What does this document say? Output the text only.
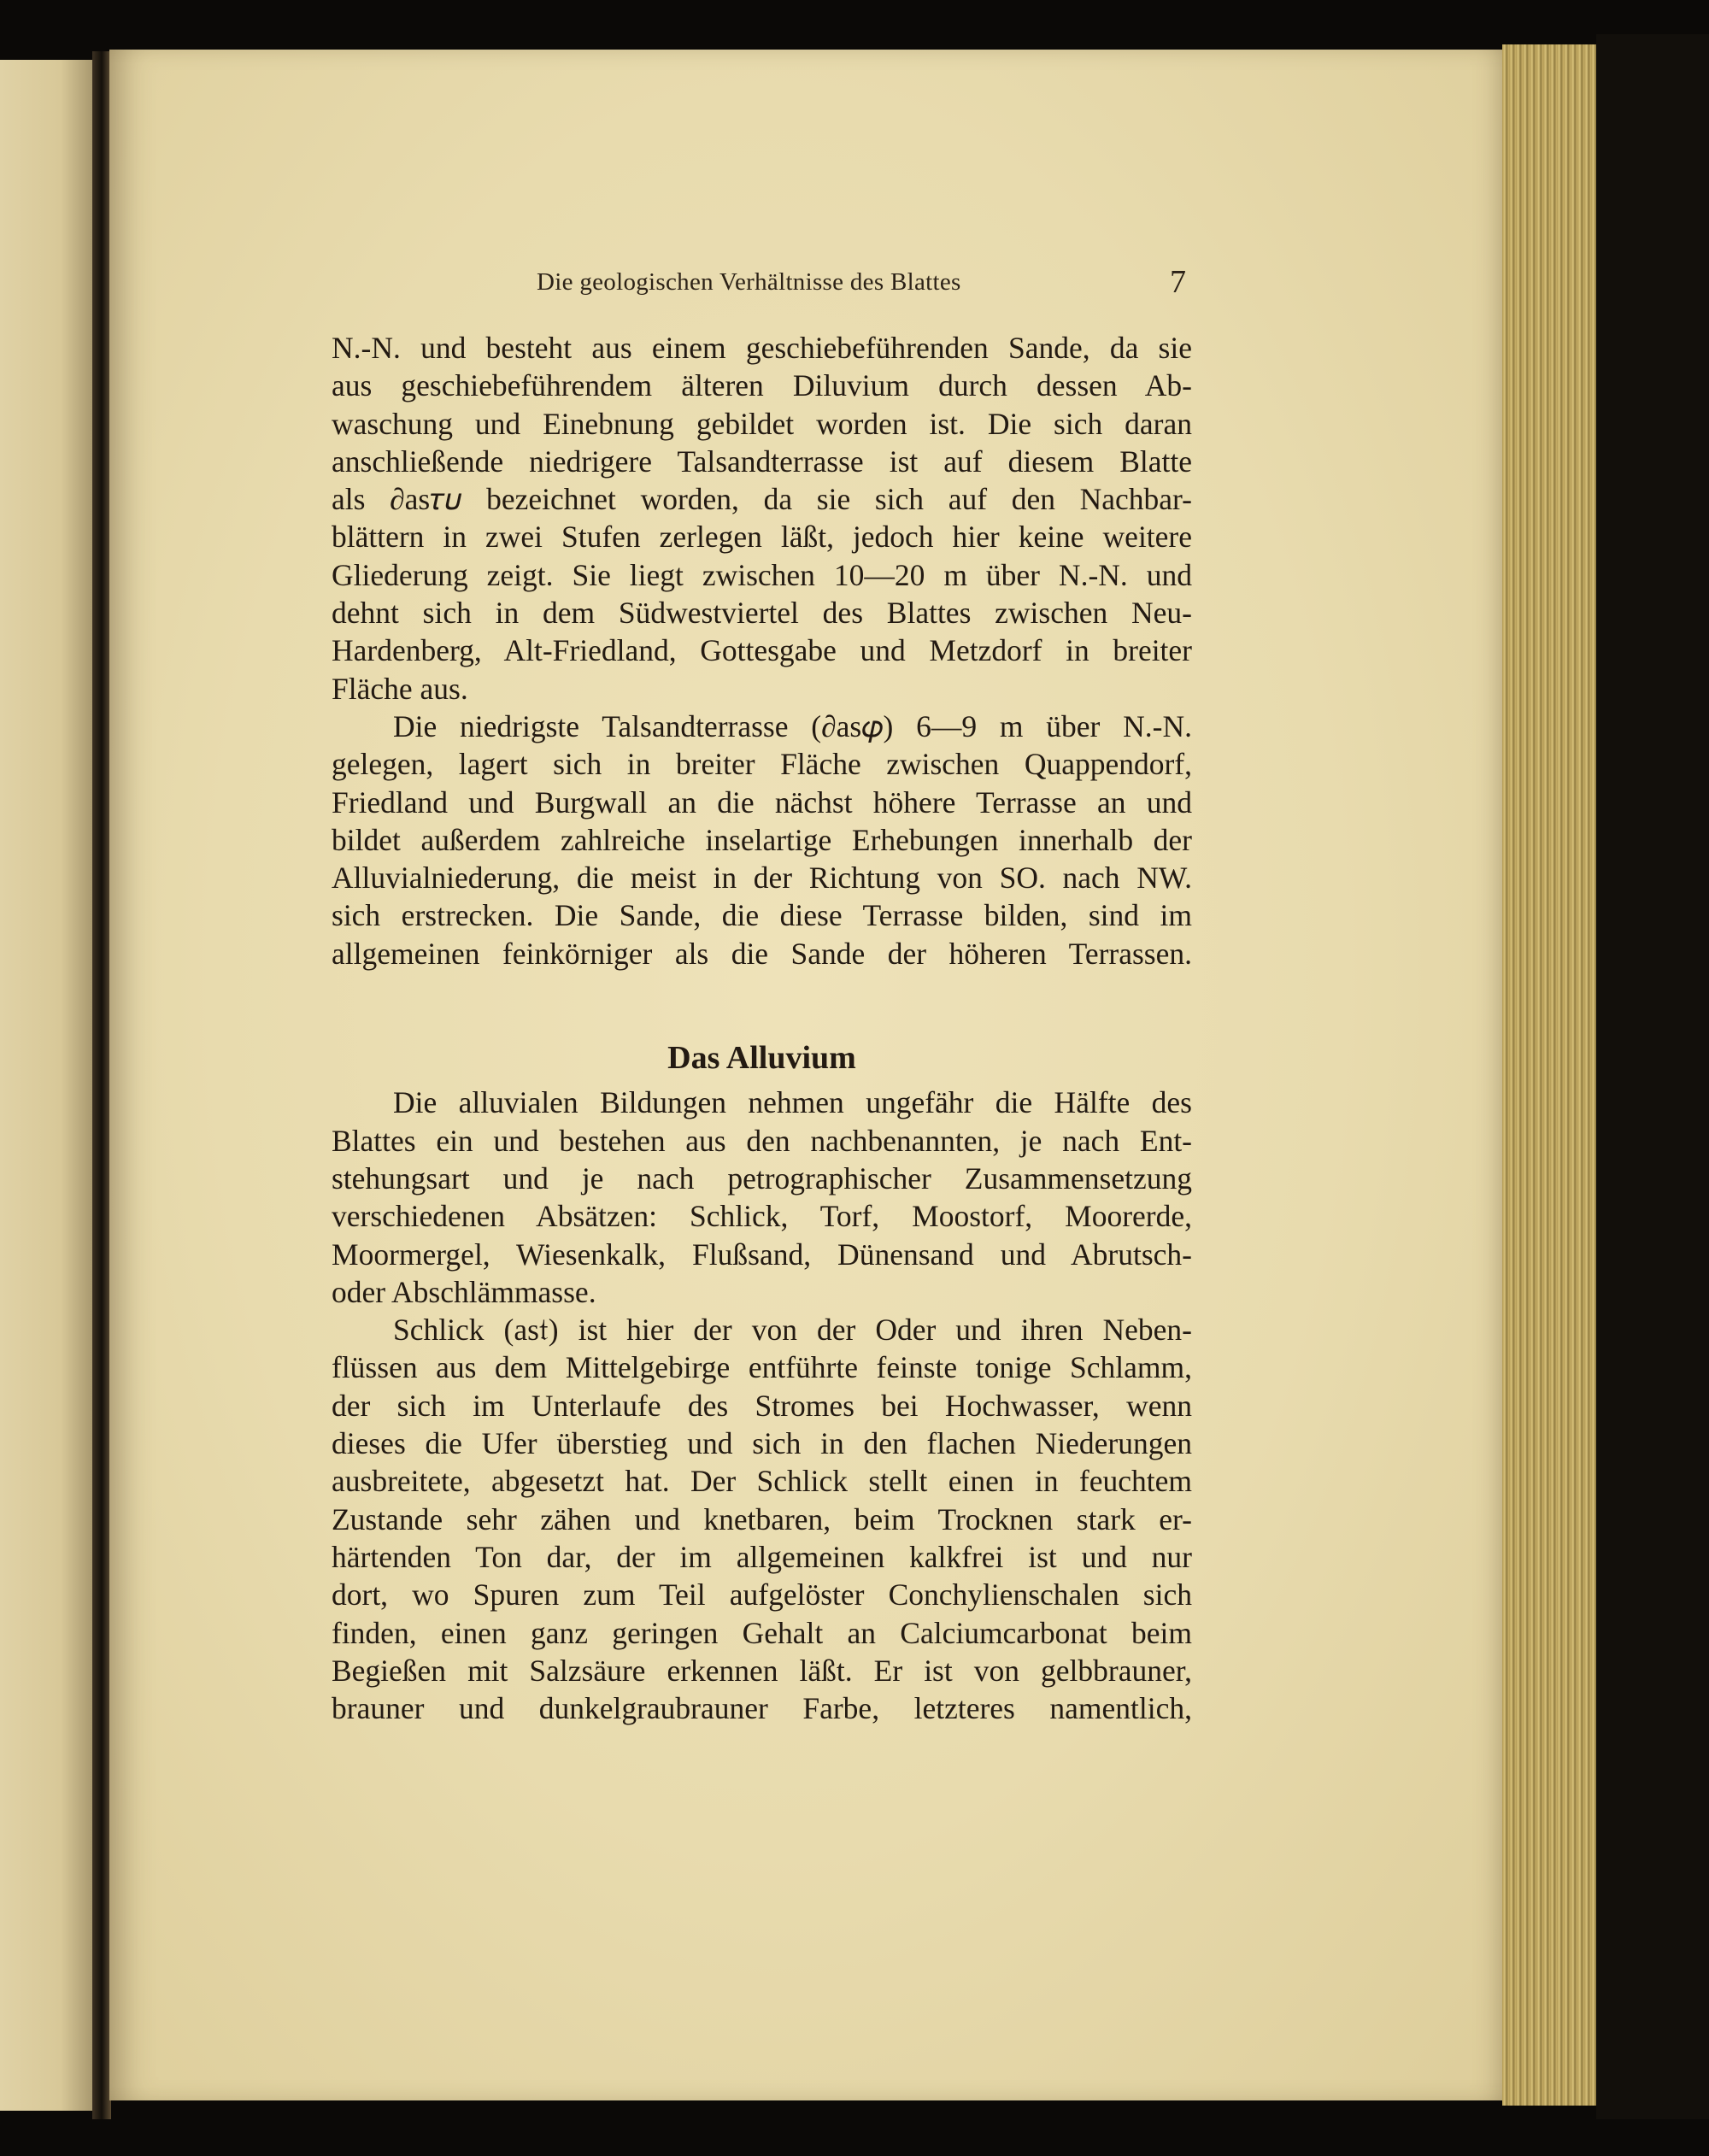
Die geologischen Verhältnisse des Blattes	7
N.-N. und besteht aus einem geschiebeführenden Sande, da sie
aus geschiebeführendem älteren Diluvium durch dessen Ab-
waschung und Einebnung gebildet worden ist. Die sich daran
anschließende niedrigere Talsandterrasse ist auf diesem Blatte
als ∂as𝜏𝜐 bezeichnet worden, da sie sich auf den Nachbar-
blättern in zwei Stufen zerlegen läßt, jedoch hier keine weitere
Gliederung zeigt. Sie liegt zwischen 10—20 m über N.-N. und
dehnt sich in dem Südwestviertel des Blattes zwischen Neu-
Hardenberg, Alt-Friedland, Gottesgabe und Metzdorf in breiter
Fläche aus.
Die niedrigste Talsandterrasse (∂as𝜑) 6—9 m über N.-N.
gelegen, lagert sich in breiter Fläche zwischen Quappendorf,
Friedland und Burgwall an die nächst höhere Terrasse an und
bildet außerdem zahlreiche inselartige Erhebungen innerhalb der
Alluvialniederung, die meist in der Richtung von SO. nach NW.
sich erstrecken. Die Sande, die diese Terrasse bilden, sind im
allgemeinen feinkörniger als die Sande der höheren Terrassen.
Das Alluvium
Die alluvialen Bildungen nehmen ungefähr die Hälfte des
Blattes ein und bestehen aus den nachbenannten, je nach Ent-
stehungsart und je nach petrographischer Zusammensetzung
verschiedenen Absätzen: Schlick, Torf, Moostorf, Moorerde,
Moormergel, Wiesenkalk, Flußsand, Dünensand und Abrutsch-
oder Abschlämmasse.
Schlick (as𝔱) ist hier der von der Oder und ihren Neben-
flüssen aus dem Mittelgebirge entführte feinste tonige Schlamm,
der sich im Unterlaufe des Stromes bei Hochwasser, wenn
dieses die Ufer überstieg und sich in den flachen Niederungen
ausbreitete, abgesetzt hat. Der Schlick stellt einen in feuchtem
Zustande sehr zähen und knetbaren, beim Trocknen stark er-
härtenden Ton dar, der im allgemeinen kalkfrei ist und nur
dort, wo Spuren zum Teil aufgelöster Conchylienschalen sich
finden, einen ganz geringen Gehalt an Calciumcarbonat beim
Begießen mit Salzsäure erkennen läßt. Er ist von gelbbrauner,
brauner und dunkelgraubrauner Farbe, letzteres namentlich,
